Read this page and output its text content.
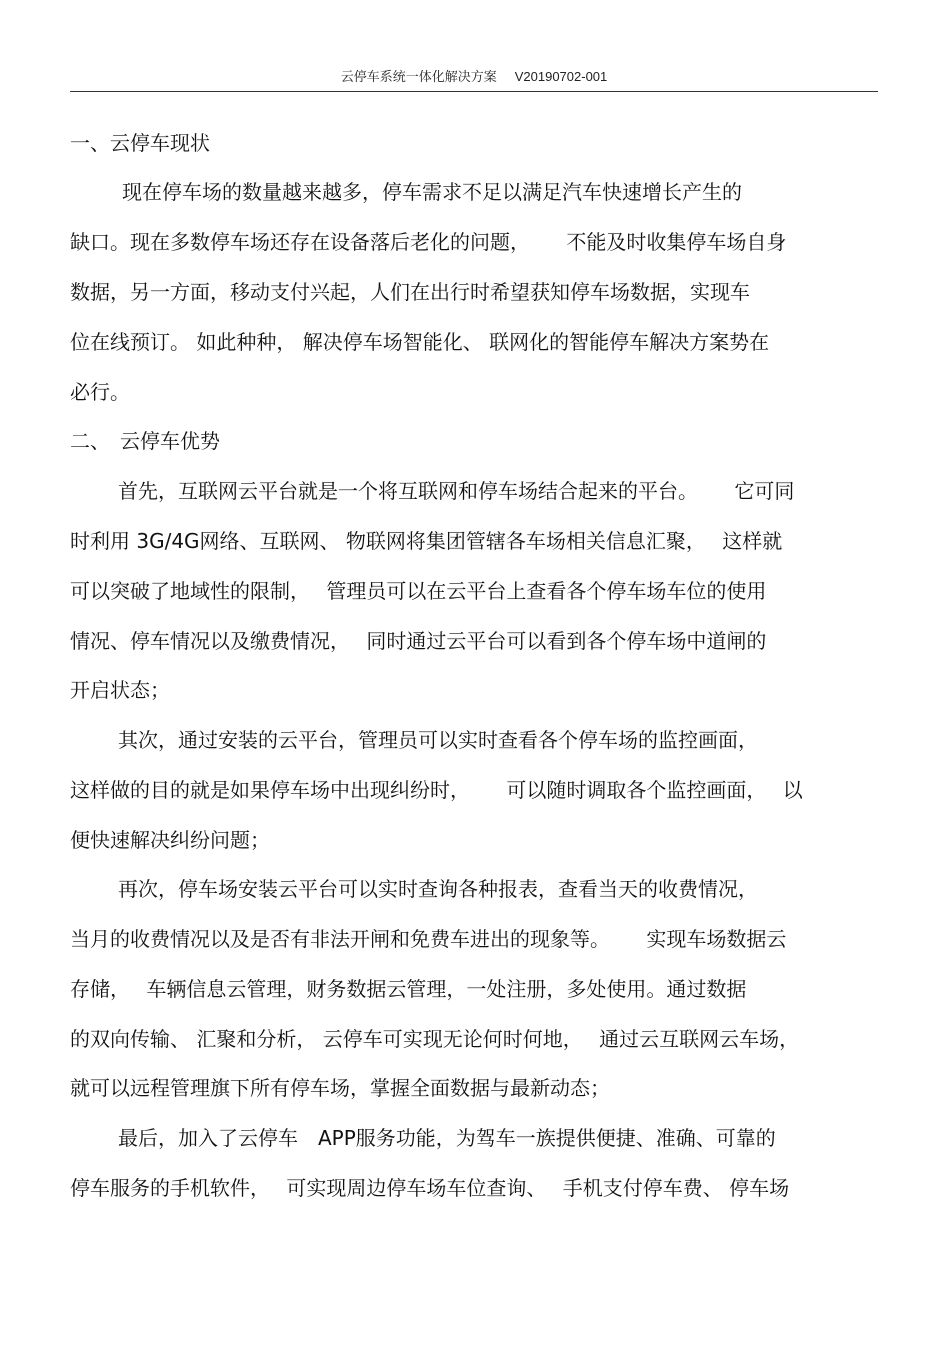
云停车系统一体化解决方案 V20190702-001
一、云停车现状
现在停车场的数量越来越多，停车需求不足以满足汽车快速增长产生的
缺口。现在多数停车场还存在设备落后老化的问题，　　 不能及时收集停车场自身
数据，另一方面，移动支付兴起，人们在出行时希望获知停车场数据，实现车
位在线预订。 如此种种， 解决停车场智能化、 联网化的智能停车解决方案势在
必行。
二、　云停车优势
首先，互联网云平台就是一个将互联网和停车场结合起来的平台。　　 它可同
时利用 3G/4G网络、互联网、 物联网将集团管辖各车场相关信息汇聚，　 这样就
可以突破了地域性的限制，　 管理员可以在云平台上查看各个停车场车位的使用
情况、停车情况以及缴费情况，　 同时通过云平台可以看到各个停车场中道闸的
开启状态；
其次，通过安装的云平台，管理员可以实时查看各个停车场的监控画面，
这样做的目的就是如果停车场中出现纠纷时，　　 可以随时调取各个监控画面，　 以
便快速解决纠纷问题；
再次，停车场安装云平台可以实时查询各种报表，查看当天的收费情况，
当月的收费情况以及是否有非法开闸和免费车进出的现象等。　　 实现车场数据云
存储，　 车辆信息云管理，财务数据云管理，一处注册，多处使用。通过数据
的双向传输、 汇聚和分析， 云停车可实现无论何时何地，　 通过云互联网云车场，
就可以远程管理旗下所有停车场，掌握全面数据与最新动态；
最后，加入了云停车　APP服务功能，为驾车一族提供便捷、准确、可靠的
停车服务的手机软件，　 可实现周边停车场车位查询、　 手机支付停车费、 停车场
